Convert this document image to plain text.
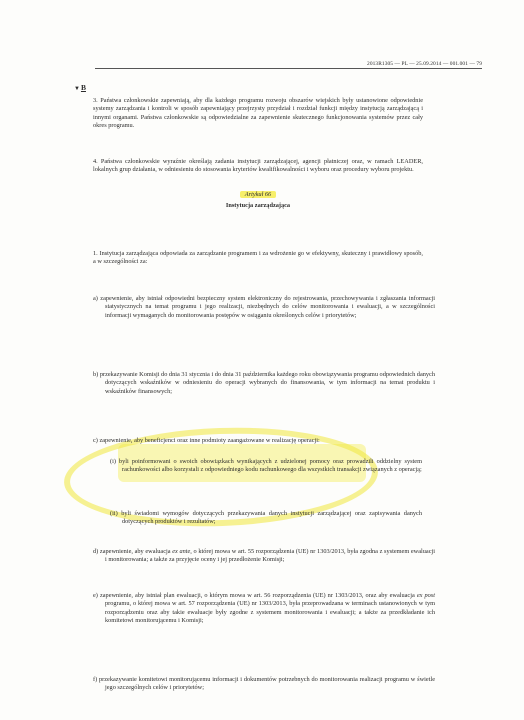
2013R1305 — PL — 25.09.2014 — 001.001 — 79
▼B
3. Państwa członkowskie zapewniają, aby dla każdego programu rozwoju obszarów wiejskich były ustanowione odpowiednie systemy zarządzania i kontroli w sposób zapewniający przejrzysty przydział i rozdział funkcji między instytucją zarządzającą i innymi organami. Państwa członkowskie są odpowiedzialne za zapewnienie skutecznego funkcjonowania systemów przez cały okres programu.
4. Państwa członkowskie wyraźnie określają zadania instytucji zarządzającej, agencji płatniczej oraz, w ramach LEADER, lokalnych grup działania, w odniesieniu do stosowania kryteriów kwalifikowalności i wyboru oraz procedury wyboru projektu.
Artykuł 66
Instytucja zarządzająca
1. Instytucja zarządzająca odpowiada za zarządzanie programem i za wdrożenie go w efektywny, skuteczny i prawidłowy sposób, a w szczególności za:
a) zapewnienie, aby istniał odpowiedni bezpieczny system elektroniczny do rejestrowania, przechowywania i zgłaszania informacji statystycznych na temat programu i jego realizacji, niezbędnych do celów monitorowania i ewaluacji, a w szczególności informacji wymaganych do monitorowania postępów w osiąganiu określonych celów i priorytetów;
b) przekazywanie Komisji do dnia 31 stycznia i do dnia 31 października każdego roku obowiązywania programu odpowiednich danych dotyczących wskaźników w odniesieniu do operacji wybranych do finansowania, w tym informacji na temat produktu i wskaźników finansowych;
c) zapewnienie, aby beneficjenci oraz inne podmioty zaangażowane w realizację operacji:
(i) byli poinformowani o swoich obowiązkach wynikających z udzielonej pomocy oraz prowadzili oddzielny system rachunkowości albo korzystali z odpowiedniego kodu rachunkowego dla wszystkich transakcji związanych z operacją;
(ii) byli świadomi wymogów dotyczących przekazywania danych instytucji zarządzającej oraz zapisywania danych dotyczących produktów i rezultatów;
d) zapewnienie, aby ewaluacja ex ante, o której mowa w art. 55 rozporządzenia (UE) nr 1303/2013, była zgodna z systemem ewaluacji i monitorowania; a także za przyjęcie oceny i jej przedłożenie Komisji;
e) zapewnienie, aby istniał plan ewaluacji, o którym mowa w art. 56 rozporządzenia (UE) nr 1303/2013, oraz aby ewaluacja ex post programu, o której mowa w art. 57 rozporządzenia (UE) nr 1303/2013, była przeprowadzana w terminach ustanowionych w tym rozporządzeniu oraz aby takie ewaluacje były zgodne z systemem monitorowania i ewaluacji; a także za przedkładanie ich komitetowi monitorującemu i Komisji;
f) przekazywanie komitetowi monitorującemu informacji i dokumentów potrzebnych do monitorowania realizacji programu w świetle jego szczególnych celów i priorytetów;
